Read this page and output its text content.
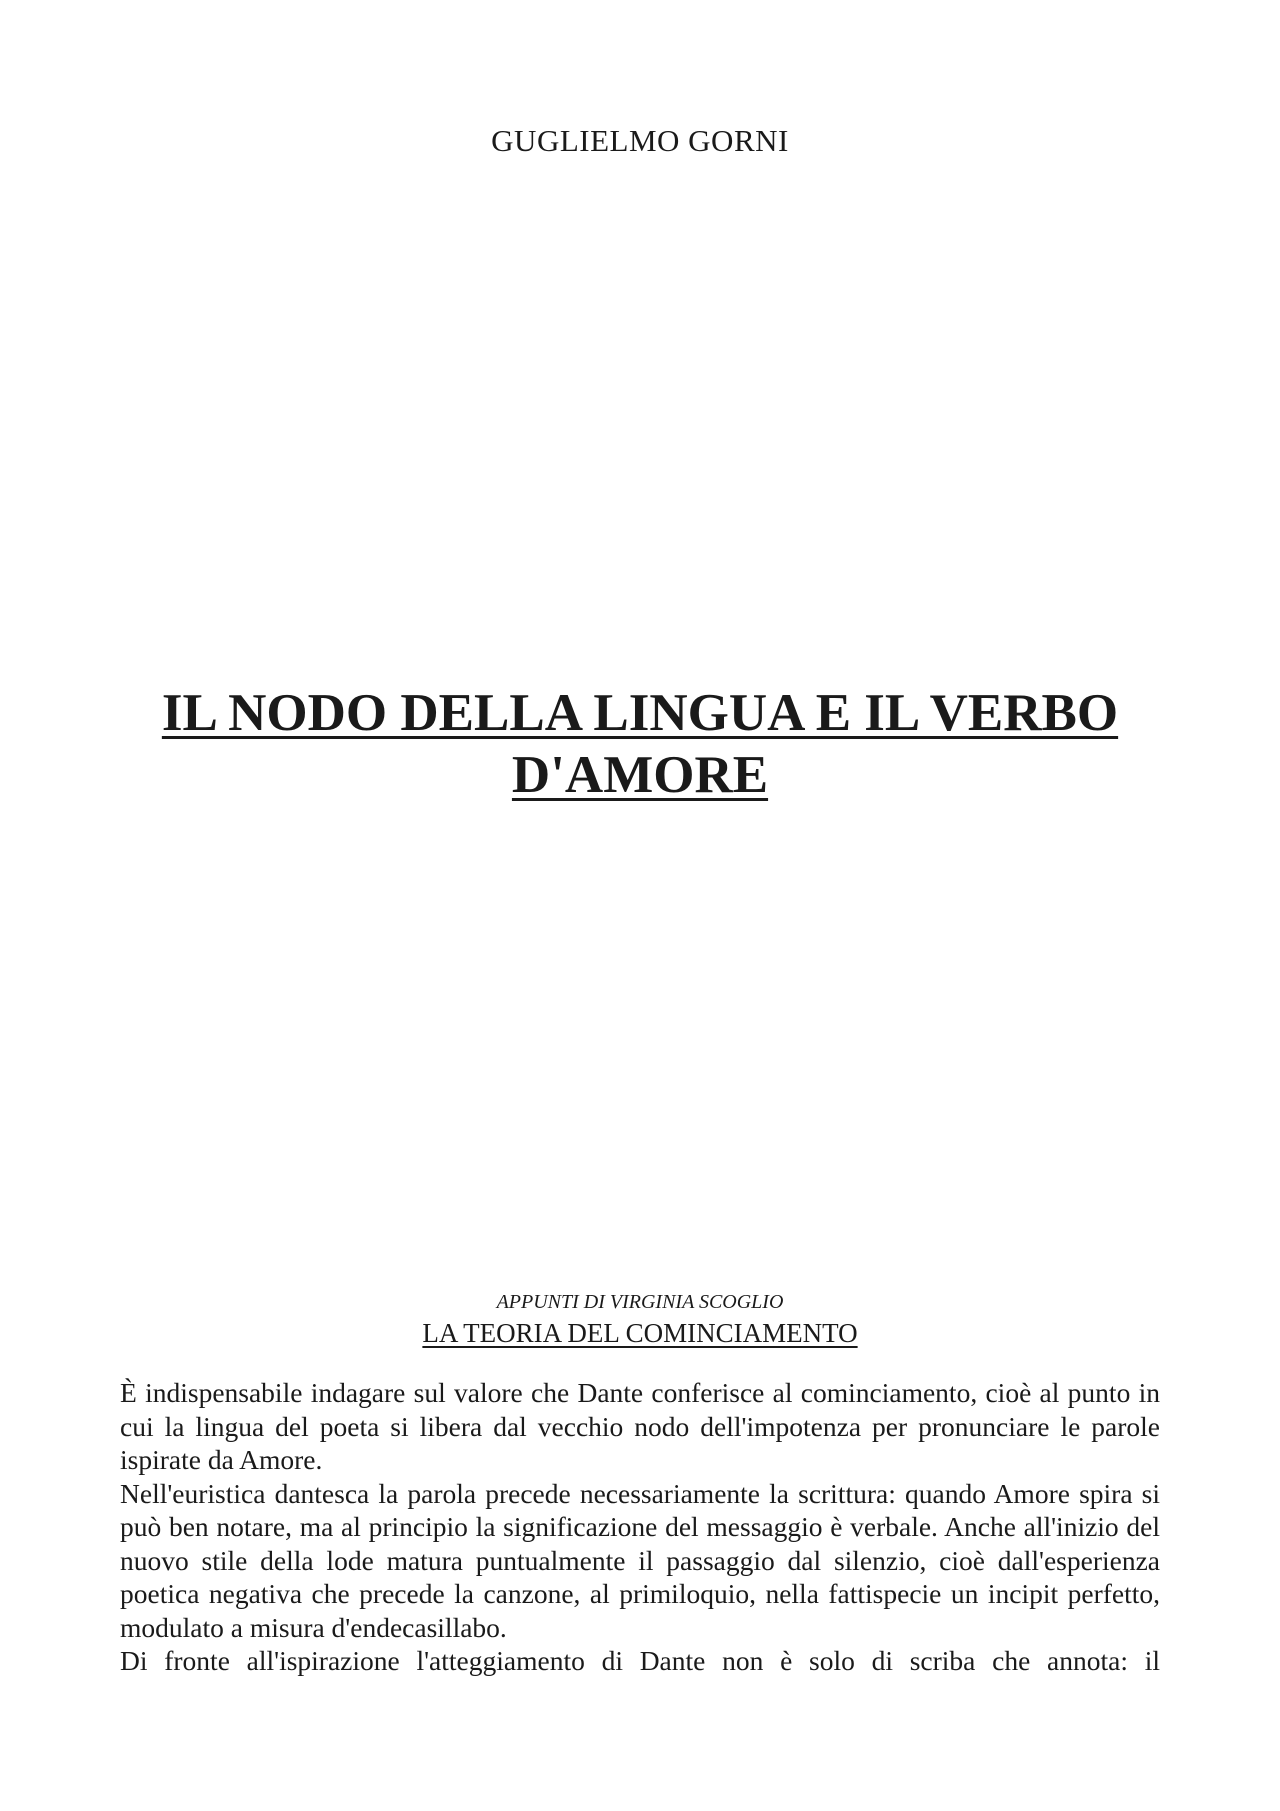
GUGLIELMO GORNI
IL NODO DELLA LINGUA E IL VERBO
D'AMORE
APPUNTI DI VIRGINIA SCOGLIO
LA TEORIA DEL COMINCIAMENTO

È indispensabile indagare sul valore che Dante conferisce al cominciamento, cioè al punto in cui la lingua del poeta si libera dal vecchio nodo dell'impotenza per pronunciare le parole ispirate da Amore.

Nell'euristica dantesca la parola precede necessariamente la scrittura: quando Amore spira si può ben notare, ma al principio la significazione del messaggio è verbale. Anche all'inizio del nuovo stile della lode matura puntualmente il passaggio dal silenzio, cioè dall'esperienza poetica negativa che precede la canzone, al primiloquio, nella fattispecie un incipit perfetto, modulato a misura d'endecasillabo.

Di fronte all'ispirazione l'atteggiamento di Dante non è solo di scriba che annota: il
